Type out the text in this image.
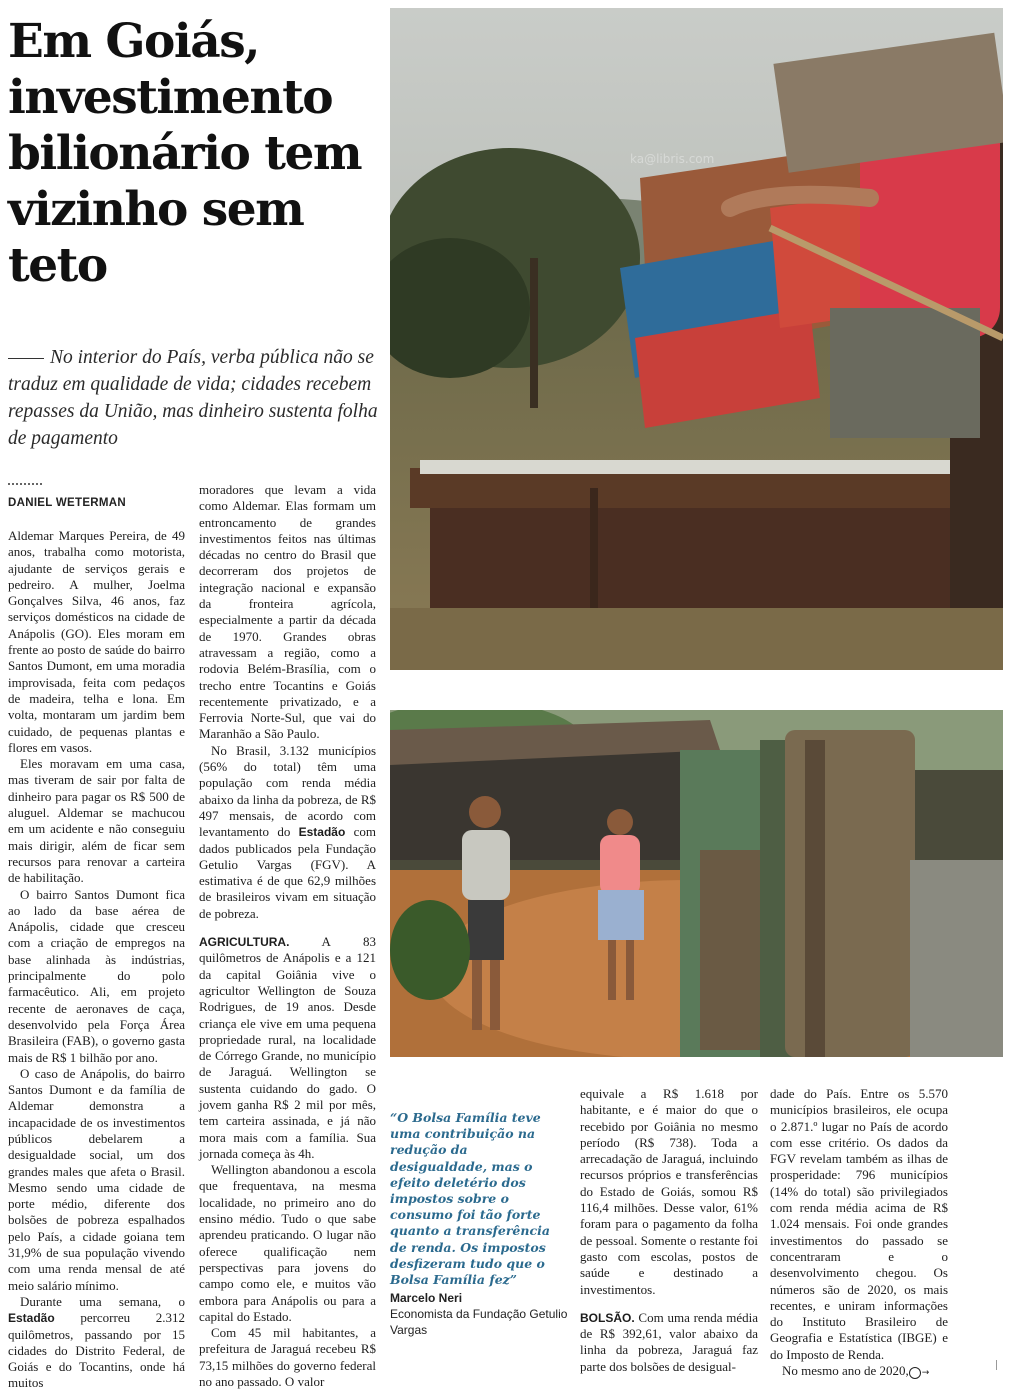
Em Goiás, investimento bilionário tem vizinho sem teto
No interior do País, verba pública não se traduz em qualidade de vida; cidades recebem repasses da União, mas dinheiro sustenta folha de pagamento
DANIEL WETERMAN

Aldemar Marques Pereira, de 49 anos, trabalha como motorista, ajudante de serviços gerais e pedreiro. A mulher, Joelma Gonçalves Silva, 46 anos, faz serviços domésticos na cidade de Anápolis (GO). Eles moram em frente ao posto de saúde do bairro Santos Dumont, em uma moradia improvisada, feita com pedaços de madeira, telha e lona. Em volta, montaram um jardim bem cuidado, de pequenas plantas e flores em vasos.

Eles moravam em uma casa, mas tiveram de sair por falta de dinheiro para pagar os R$ 500 de aluguel. Aldemar se machucou em um acidente e não conseguiu mais dirigir, além de ficar sem recursos para renovar a carteira de habilitação.

O bairro Santos Dumont fica ao lado da base aérea de Anápolis, cidade que cresceu com a criação de empregos na base alinhada às indústrias, principalmente do polo farmacêutico. Ali, em projeto recente de aeronaves de caça, desenvolvido pela Força Área Brasileira (FAB), o governo gasta mais de R$ 1 bilhão por ano.

O caso de Anápolis, do bairro Santos Dumont e da família de Aldemar demonstra a incapacidade de os investimentos públicos debelarem a desigualdade social, um dos grandes males que afeta o Brasil. Mesmo sendo uma cidade de porte médio, diferente dos bolsões de pobreza espalhados pelo País, a cidade goiana tem 31,9% de sua população vivendo com uma renda mensal de até meio salário mínimo.

Durante uma semana, o Estadão percorreu 2.312 quilômetros, passando por 15 cidades do Distrito Federal, de Goiás e do Tocantins, onde há muitos

moradores que levam a vida como Aldemar. Elas formam um entroncamento de grandes investimentos feitos nas últimas décadas no centro do Brasil que decorreram dos projetos de integração nacional e expansão da fronteira agrícola, especialmente a partir da década de 1970. Grandes obras atravessam a região, como a rodovia Belém-Brasília, com o trecho entre Tocantins e Goiás recentemente privatizado, e a Ferrovia Norte-Sul, que vai do Maranhão a São Paulo.

No Brasil, 3.132 municípios (56% do total) têm uma população com renda média abaixo da linha da pobreza, de R$ 497 mensais, de acordo com levantamento do Estadão com dados publicados pela Fundação Getulio Vargas (FGV). A estimativa é de que 62,9 milhões de brasileiros vivam em situação de pobreza.

AGRICULTURA. A 83 quilômetros de Anápolis e a 121 da capital Goiânia vive o agricultor Wellington de Souza Rodrigues, de 19 anos. Desde criança ele vive em uma pequena propriedade rural, na localidade de Córrego Grande, no município de Jaraguá. Wellington se sustenta cuidando do gado. O jovem ganha R$ 2 mil por mês, tem carteira assinada, e já não mora mais com a família. Sua jornada começa às 4h.

Wellington abandonou a escola que frequentava, na mesma localidade, no primeiro ano do ensino médio. Tudo o que sabe aprendeu praticando. O lugar não oferece qualificação nem perspectivas para jovens do campo como ele, e muitos vão embora para Anápolis ou para a capital do Estado.

Com 45 mil habitantes, a prefeitura de Jaraguá recebeu R$ 73,15 milhões do governo federal no ano passado. O valor

ka@libris.com
“O Bolsa Família teve uma contribuição na redução da desigualdade, mas o efeito deletério dos impostos sobre o consumo foi tão forte quanto a transferência de renda. Os impostos desfizeram tudo que o Bolsa Família fez”
Marcelo Neri
Economista da Fundação Getulio Vargas

equivale a R$ 1.618 por habitante, e é maior do que o recebido por Goiânia no mesmo período (R$ 738). Toda a arrecadação de Jaraguá, incluindo recursos próprios e transferências do Estado de Goiás, somou R$ 116,4 milhões. Desse valor, 61% foram para o pagamento da folha de pessoal. Somente o restante foi gasto com escolas, postos de saúde e destinado a investimentos.

BOLSÃO. Com uma renda média de R$ 392,61, valor abaixo da linha da pobreza, Jaraguá faz parte dos bolsões de desigual-

dade do País. Entre os 5.570 municípios brasileiros, ele ocupa o 2.871.º lugar no País de acordo com esse critério. Os dados da FGV revelam também as ilhas de prosperidade: 796 municípios (14% do total) são privilegiados com renda média acima de R$ 1.024 mensais. Foi onde grandes investimentos do passado se concentraram e o desenvolvimento chegou. Os números são de 2020, os mais recentes, e uniram informações do Instituto Brasileiro de Geografia e Estatística (IBGE) e do Imposto de Renda.

No mesmo ano de 2020, →
